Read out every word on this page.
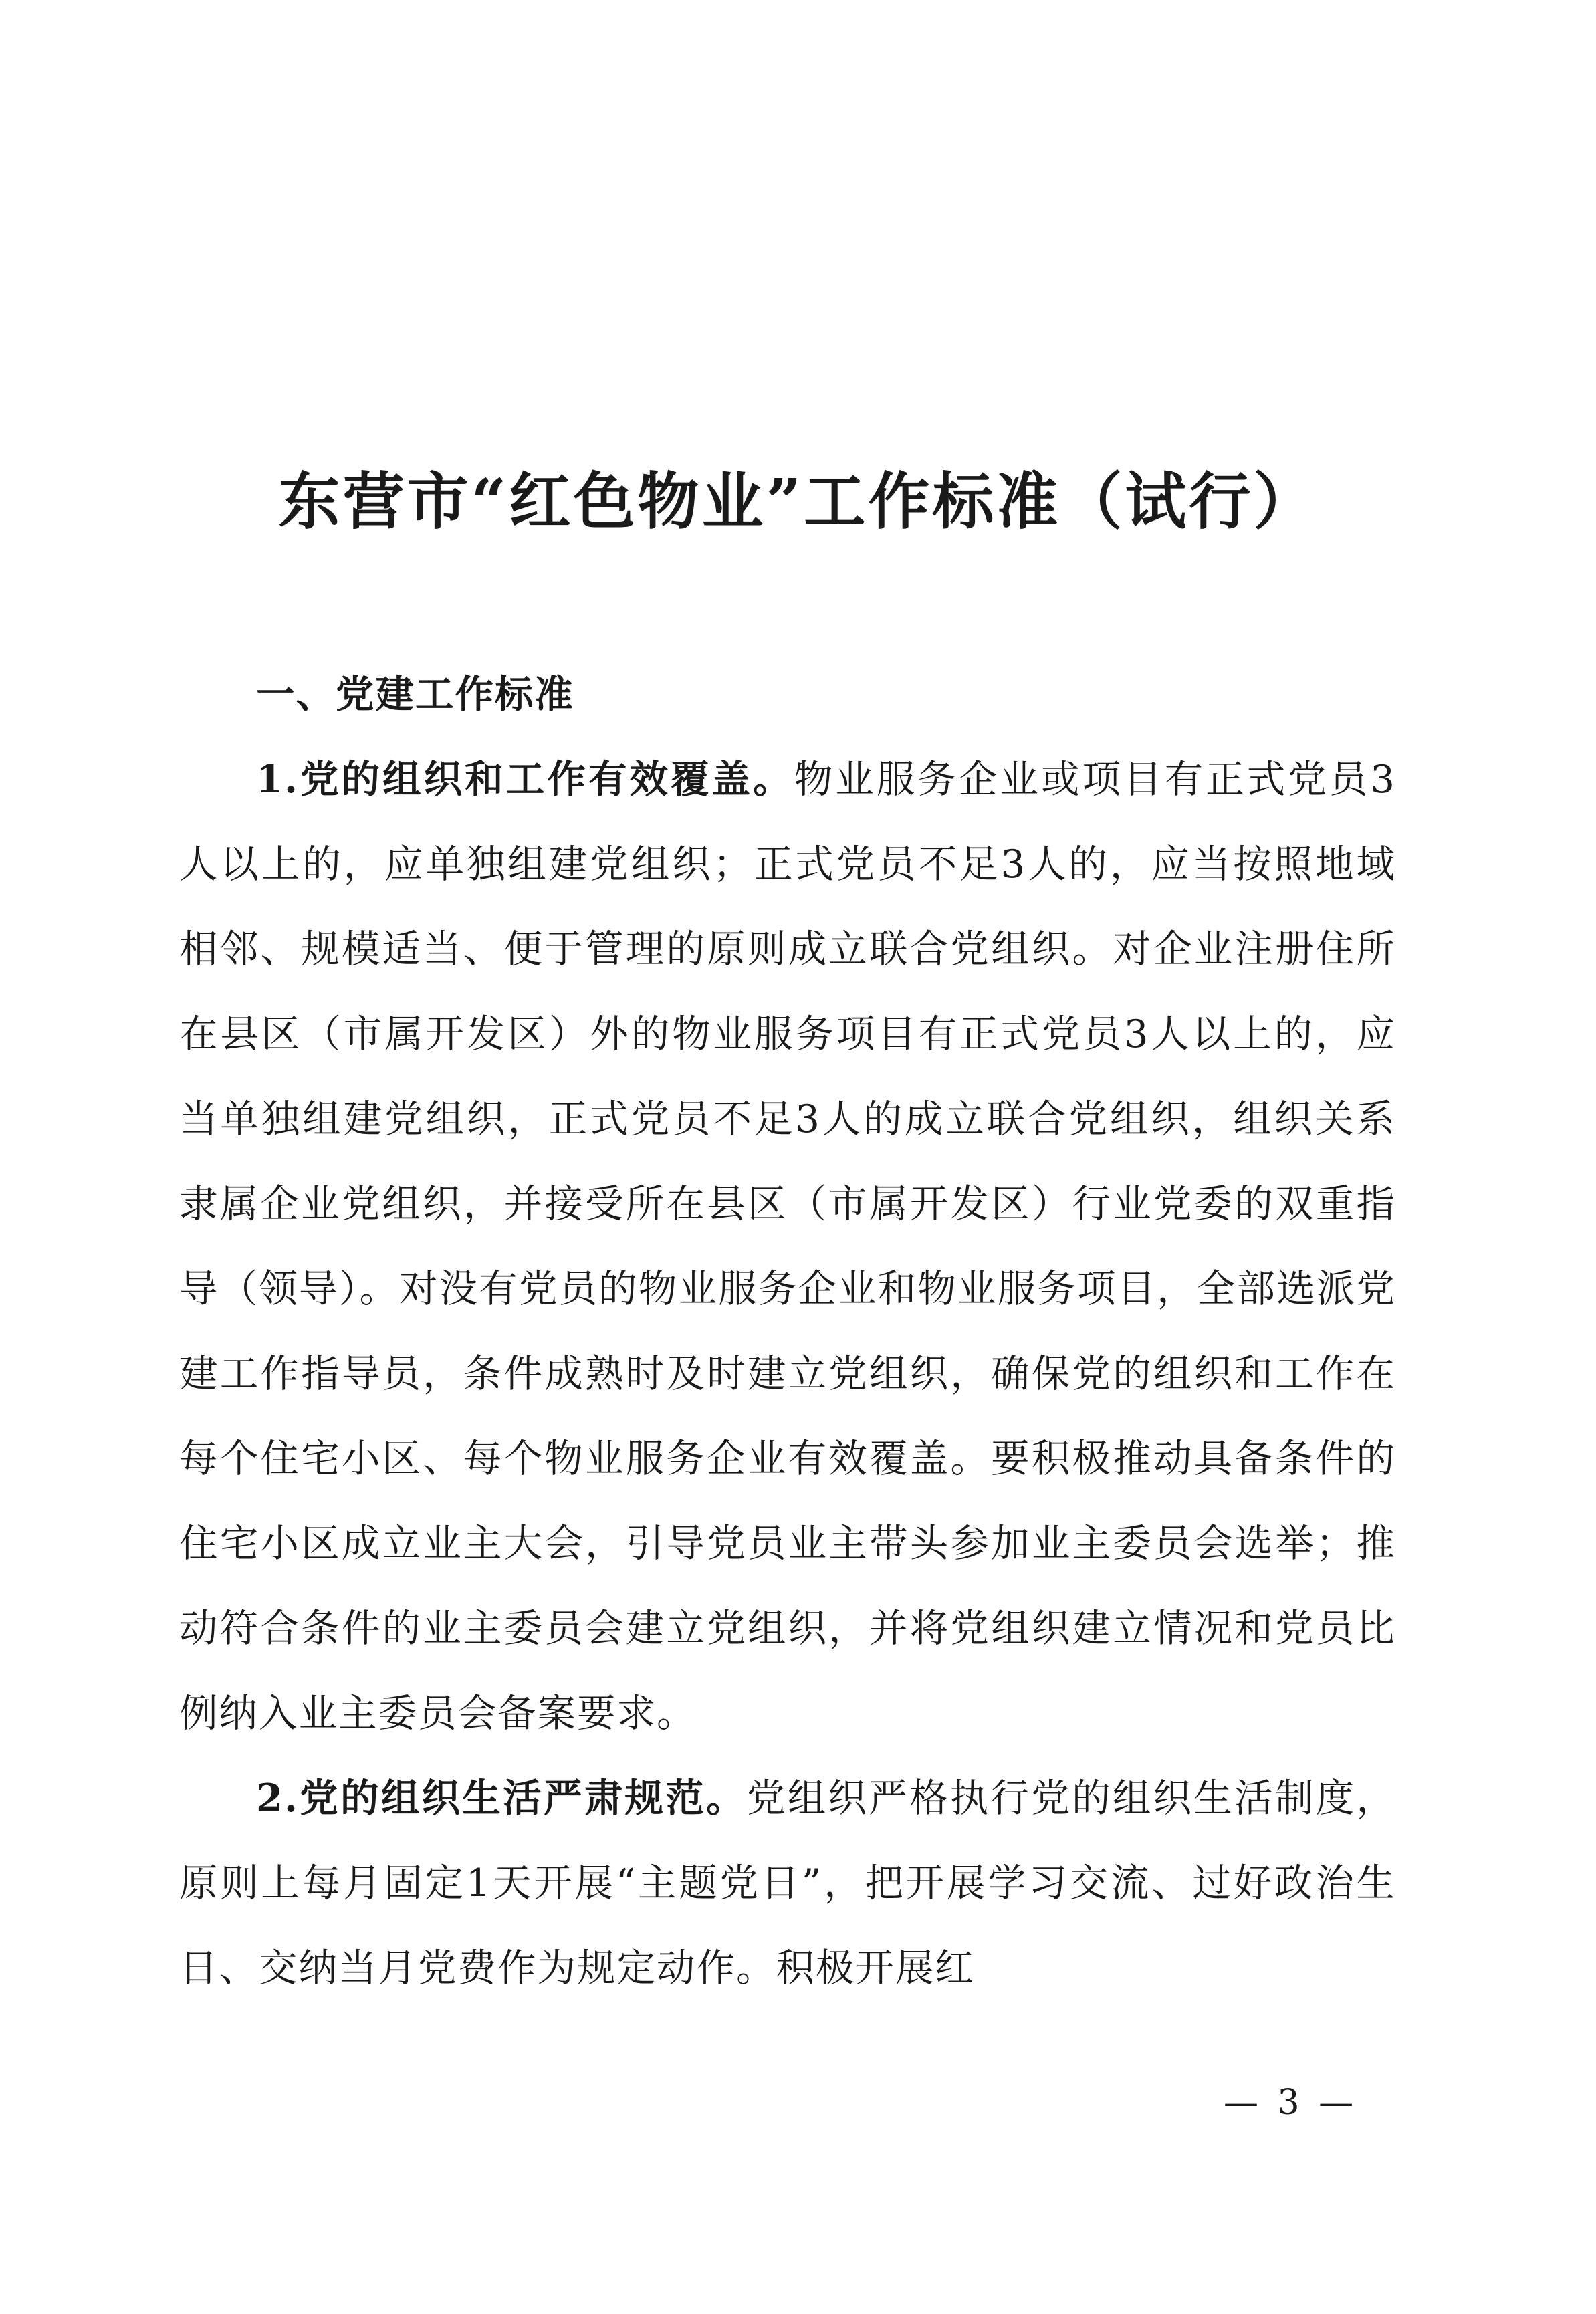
东营市“红色物业”工作标准（试行）

一、党建工作标准

1.党的组织和工作有效覆盖。物业服务企业或项目有正式党员3人以上的，应单独组建党组织；正式党员不足3人的，应当按照地域相邻、规模适当、便于管理的原则成立联合党组织。对企业注册住所在县区（市属开发区）外的物业服务项目有正式党员3人以上的，应当单独组建党组织，正式党员不足3人的成立联合党组织，组织关系隶属企业党组织，并接受所在县区（市属开发区）行业党委的双重指导（领导）。对没有党员的物业服务企业和物业服务项目，全部选派党建工作指导员，条件成熟时及时建立党组织，确保党的组织和工作在每个住宅小区、每个物业服务企业有效覆盖。要积极推动具备条件的住宅小区成立业主大会，引导党员业主带头参加业主委员会选举；推动符合条件的业主委员会建立党组织，并将党组织建立情况和党员比例纳入业主委员会备案要求。

2.党的组织生活严肃规范。党组织严格执行党的组织生活制度，原则上每月固定1天开展“主题党日”，把开展学习交流、过好政治生日、交纳当月党费作为规定动作。积极开展红

— 3 —
